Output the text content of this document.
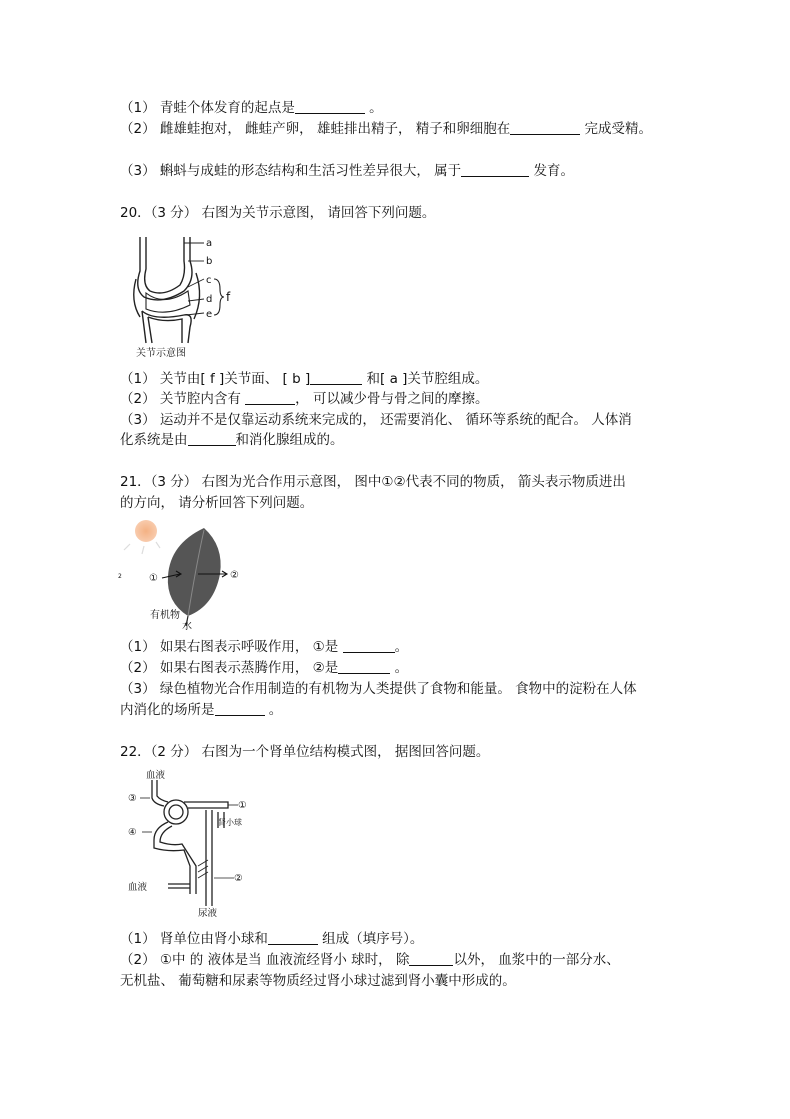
（1） 青蛙个体发育的起点是	。
（2） 雌雄蛙抱对， 雌蛙产卵， 雄蛙排出精子， 精子和卵细胞在	完成受精。
（3） 蝌蚪与成蛙的形态结构和生活习性差异很大， 属于	发育。
20．（3 分） 右图为关节示意图， 请回答下列问题。
a
b
c
d
e
f
关节示意图
（1） 关节由[ f ]关节面、 [ b ]	和[ a ]关节腔组成。
（2） 关节腔内含有	， 可以减少骨与骨之间的摩擦。
（3） 运动并不是仅靠运动系统来完成的， 还需要消化、 循环等系统的配合。 人体消
化系统是由	和消化腺组成的。
21．（3 分） 右图为光合作用示意图， 图中①②代表不同的物质， 箭头表示物质进出
的方向， 请分析回答下列问题。
①	②
2
有机物
水
（1） 如果右图表示呼吸作用， ①是	。
（2） 如果右图表示蒸腾作用， ②是	。
（3） 绿色植物光合作用制造的有机物为人类提供了食物和能量。 食物中的淀粉在人体
内消化的场所是	。
22．（2 分） 右图为一个肾单位结构模式图， 据图回答问题。
血液
③
④
①
②
肾小球
血液
尿液
（1） 肾单位由肾小球和	组成（填序号）。
（2） ①中 的 液体是当 血液流经肾小 球时， 除	以外， 血浆中的一部分水、
无机盐、 葡萄糖和尿素等物质经过肾小球过滤到肾小囊中形成的。
